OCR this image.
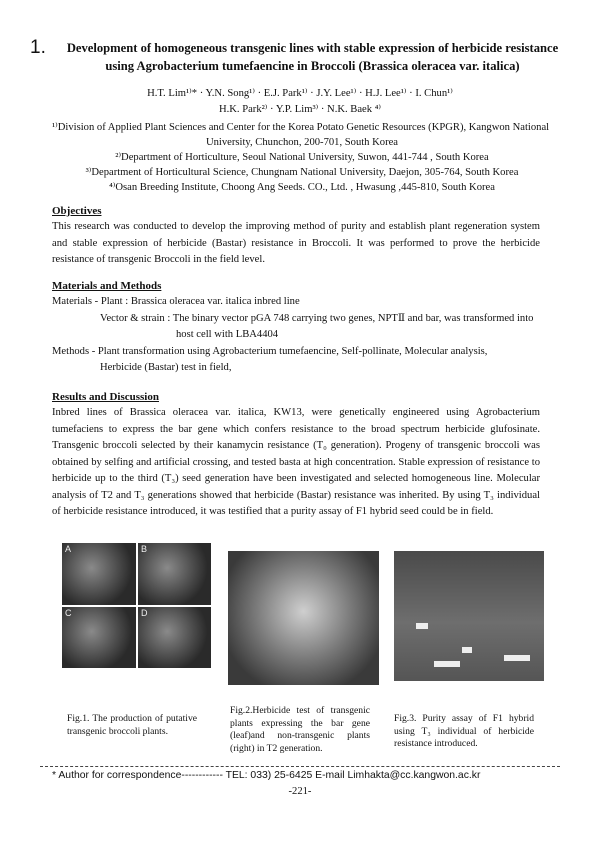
1.	Development of homogeneous transgenic lines with stable expression of herbicide resistance
using Agrobacterium tumefaencine in Broccoli (Brassica oleracea var. italica)
H.T. Lim¹⁾* · Y.N. Song¹⁾ · E.J. Park¹⁾ · J.Y. Lee¹⁾ · H.J. Lee¹⁾ · I. Chun¹⁾
H.K. Park²⁾ · Y.P. Lim³⁾ · N.K. Baek ⁴⁾
¹⁾Division of Applied Plant Sciences and Center for the Korea Potato Genetic Resources (KPGR), Kangwon National
University, Chunchon, 200-701, South Korea
²⁾Department of Horticulture, Seoul National University, Suwon, 441-744 , South Korea
³⁾Department of Horticultural Science, Chungnam National University, Daejon, 305-764, South Korea
⁴⁾Osan Breeding Institute, Choong Ang Seeds. CO., Ltd. , Hwasung ,445-810, South Korea
Objectives
This research was conducted to develop the improving method of purity and establish plant regeneration system and stable expression of herbicide (Bastar) resistance in Broccoli. It was performed to prove the herbicide resistance of transgenic Broccoli in the field level.
Materials and Methods
Materials - Plant : Brassica oleracea var. italica inbred line
Vector & strain : The binary vector pGA 748 carrying two genes, NPTⅡ and bar, was transformed into
host cell with LBA4404
Methods - Plant transformation using Agrobacterium tumefaencine, Self-pollinate, Molecular analysis,
Herbicide (Bastar) test in field,
Results and Discussion
Inbred lines of Brassica oleracea var. italica, KW13, were genetically engineered using Agrobacterium tumefaciens to express the bar gene which confers resistance to the broad spectrum herbicide glufosinate. Transgenic broccoli selected by their kanamycin resistance (T₀ generation). Progeny of transgenic broccoli was obtained by selfing and artificial crossing, and tested basta at high concentration. Stable expression of resistance to herbicide up to the third (T₃) seed generation have been investigated and selected homogeneous line. Molecular analysis of T2 and T₃ generations showed that herbicide (Bastar) resistance was inherited. By using T₃ individual of herbicide resistance introduced, it was testified that a purity assay of F1 hybrid seed could be in field.
A	B
C	D
Fig.1. The production of putative transgenic broccoli plants.
Fig.2.Herbicide test of transgenic plants expressing the bar gene (leaf)and non-transgenic plants (right) in T2 generation.
Fig.3. Purity assay of F1 hybrid using T₃ individual of herbicide resistance introduced.
* Author for correspondence------------ TEL: 033) 25-6425 E-mail Limhakta@cc.kangwon.ac.kr
-221-
